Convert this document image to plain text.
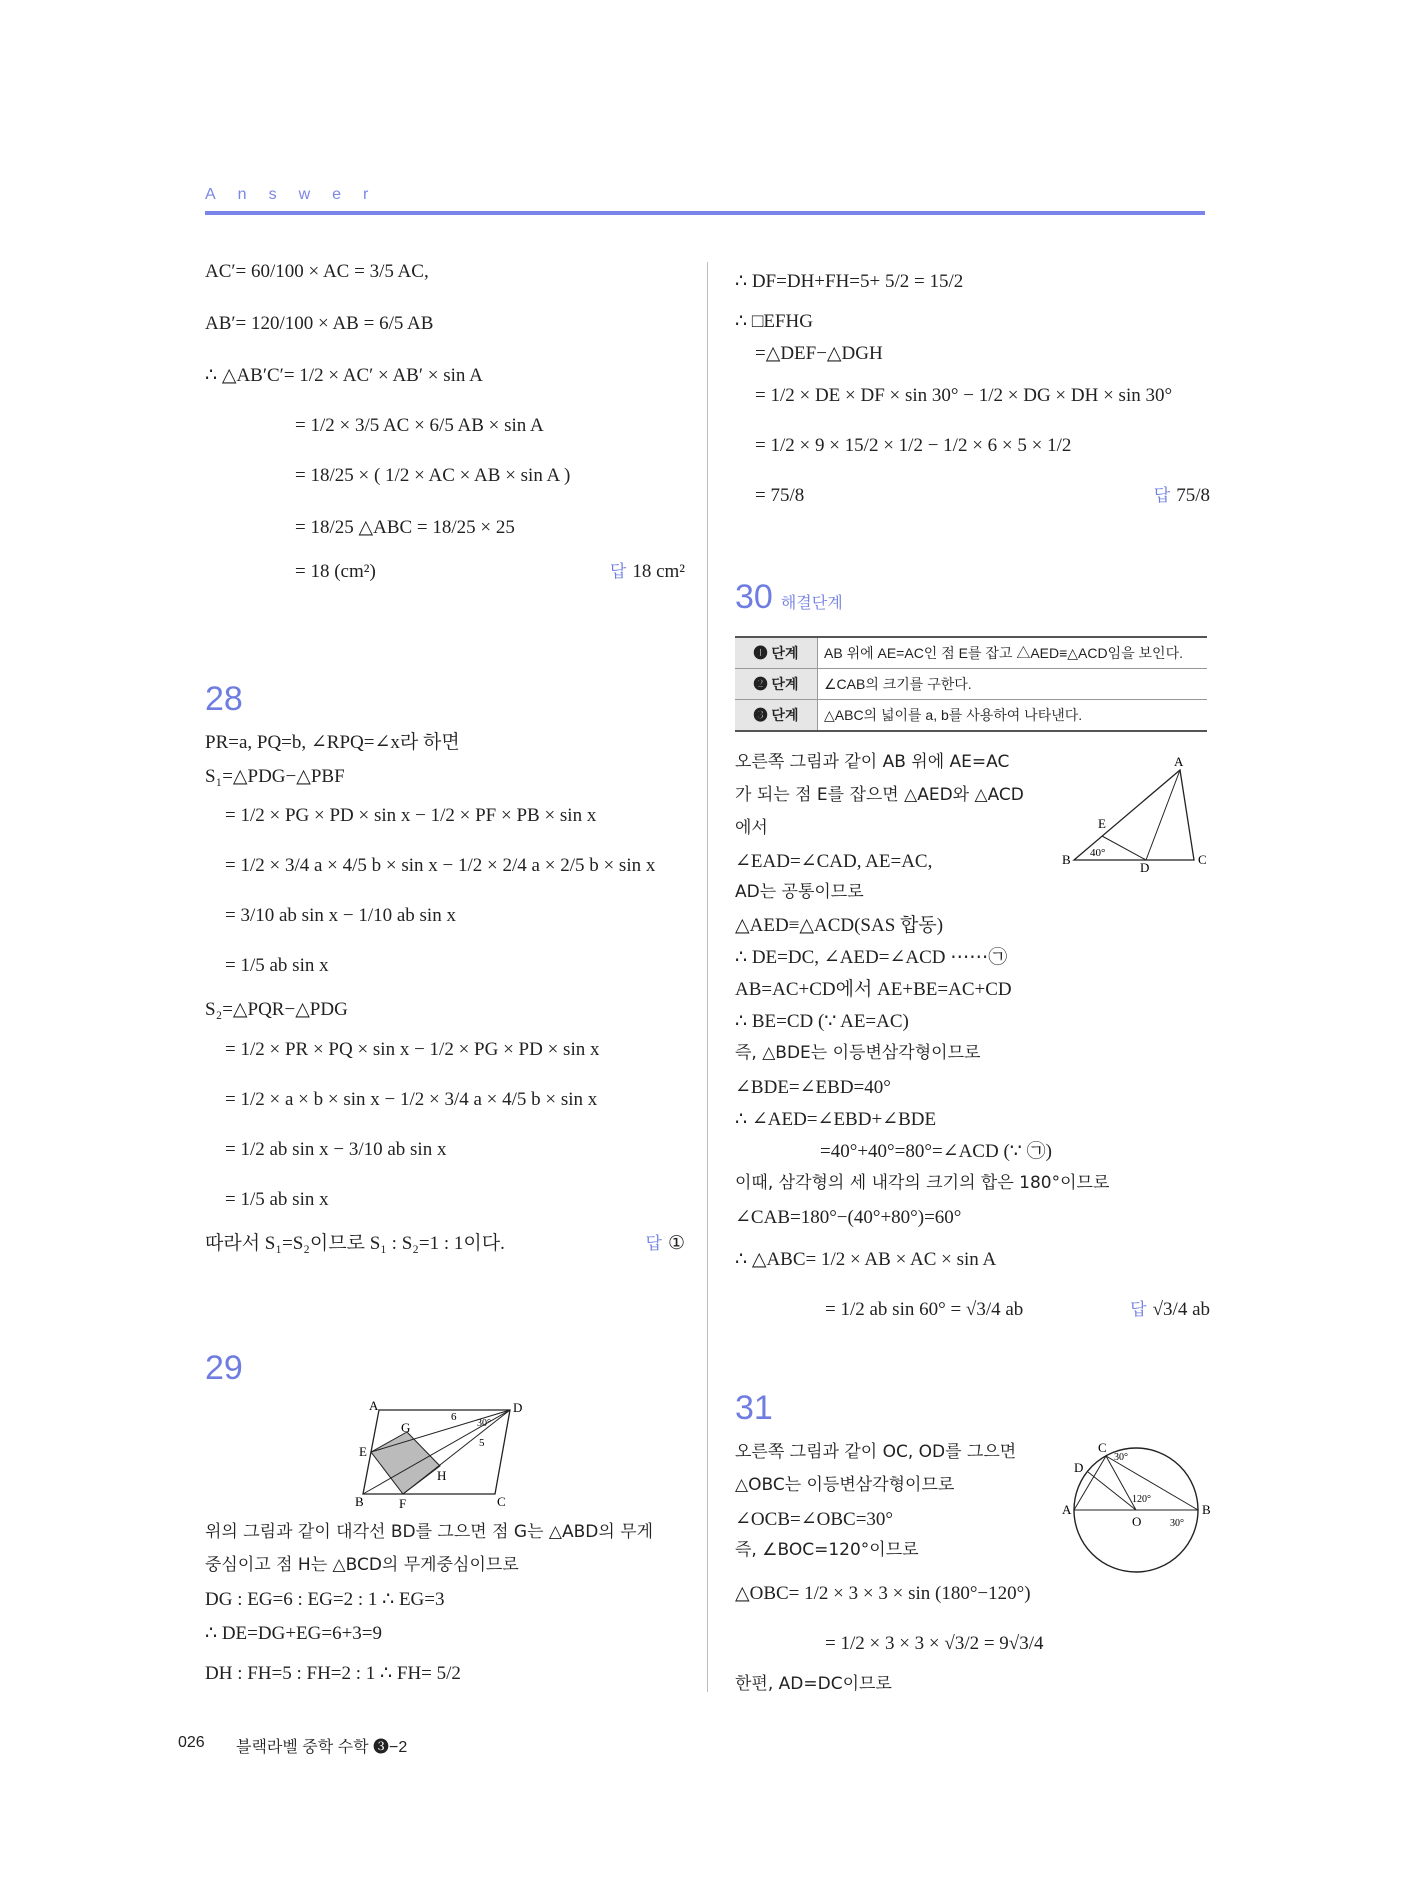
Answer
AC′= 60/100 × AC = 3/5 AC,
AB′= 120/100 × AB = 6/5 AB
∴ △AB′C′= 1/2 × AC′ × AB′ × sin A
= 1/2 × 3/5 AC × 6/5 AB × sin A
= 18/25 × ( 1/2 × AC × AB × sin A )
= 18/25 △ABC = 18/25 × 25
= 18 (cm²)	답 18 cm²
28
PR=a, PQ=b, ∠RPQ=∠x라 하면
S₁=△PDG−△PBF
= 1/2 × PG × PD × sin x − 1/2 × PF × PB × sin x
= 1/2 × 3/4 a × 4/5 b × sin x − 1/2 × 2/4 a × 2/5 b × sin x
= 3/10 ab sin x − 1/10 ab sin x
= 1/5 ab sin x
S₂=△PQR−△PDG
= 1/2 × PR × PQ × sin x − 1/2 × PG × PD × sin x
= 1/2 × a × b × sin x − 1/2 × 3/4 a × 4/5 b × sin x
= 1/2 ab sin x − 3/10 ab sin x
= 1/5 ab sin x
따라서 S₁=S₂이므로 S₁ : S₂=1 : 1이다.	답 ①
29
A	D
B	C
E
F
G
H
6
5
30°
위의 그림과 같이 대각선 BD를 그으면 점 G는 △ABD의 무게
중심이고 점 H는 △BCD의 무게중심이므로
DG : EG=6 : EG=2 : 1 ∴ EG=3
∴ DE=DG+EG=6+3=9
DH : FH=5 : FH=2 : 1 ∴ FH= 5/2
∴ DF=DH+FH=5+ 5/2 = 15/2
∴ □EFHG
=△DEF−△DGH
= 1/2 × DE × DF × sin 30° − 1/2 × DG × DH × sin 30°
= 1/2 × 9 × 15/2 × 1/2 − 1/2 × 6 × 5 × 1/2
= 75/8	답 75/8
30 해결단계
❶ 단계	AB 위에 AE=AC인 점 E를 잡고 △AED≡△ACD임을 보인다.
❷ 단계	∠CAB의 크기를 구한다.
❸ 단계	△ABC의 넓이를 a, b를 사용하여 나타낸다.
오른쪽 그림과 같이 AB 위에 AE=AC
가 되는 점 E를 잡으면 △AED와 △ACD
에서
∠EAD=∠CAD, AE=AC,
AD는 공통이므로
△AED≡△ACD(SAS 합동)
∴ DE=DC, ∠AED=∠ACD ⋯⋯㉠
AB=AC+CD에서 AE+BE=AC+CD
∴ BE=CD (∵ AE=AC)
즉, △BDE는 이등변삼각형이므로
∠BDE=∠EBD=40°
∴ ∠AED=∠EBD+∠BDE
=40°+40°=80°=∠ACD (∵ ㉠)
이때, 삼각형의 세 내각의 크기의 합은 180°이므로
∠CAB=180°−(40°+80°)=60°
∴ △ABC= 1/2 × AB × AC × sin A
= 1/2 ab sin 60° = √3/4 ab	답 √3/4 ab
31
오른쪽 그림과 같이 OC, OD를 그으면
△OBC는 이등변삼각형이므로
∠OCB=∠OBC=30°
즉, ∠BOC=120°이므로
△OBC= 1/2 × 3 × 3 × sin (180°−120°)
= 1/2 × 3 × 3 × √3/2 = 9√3/4
한편, AD=DC이므로
A
B	C
D
E
40°
C
D
A	B
O
30°
120°
30°
026 블랙라벨 중학 수학 ❸−2
